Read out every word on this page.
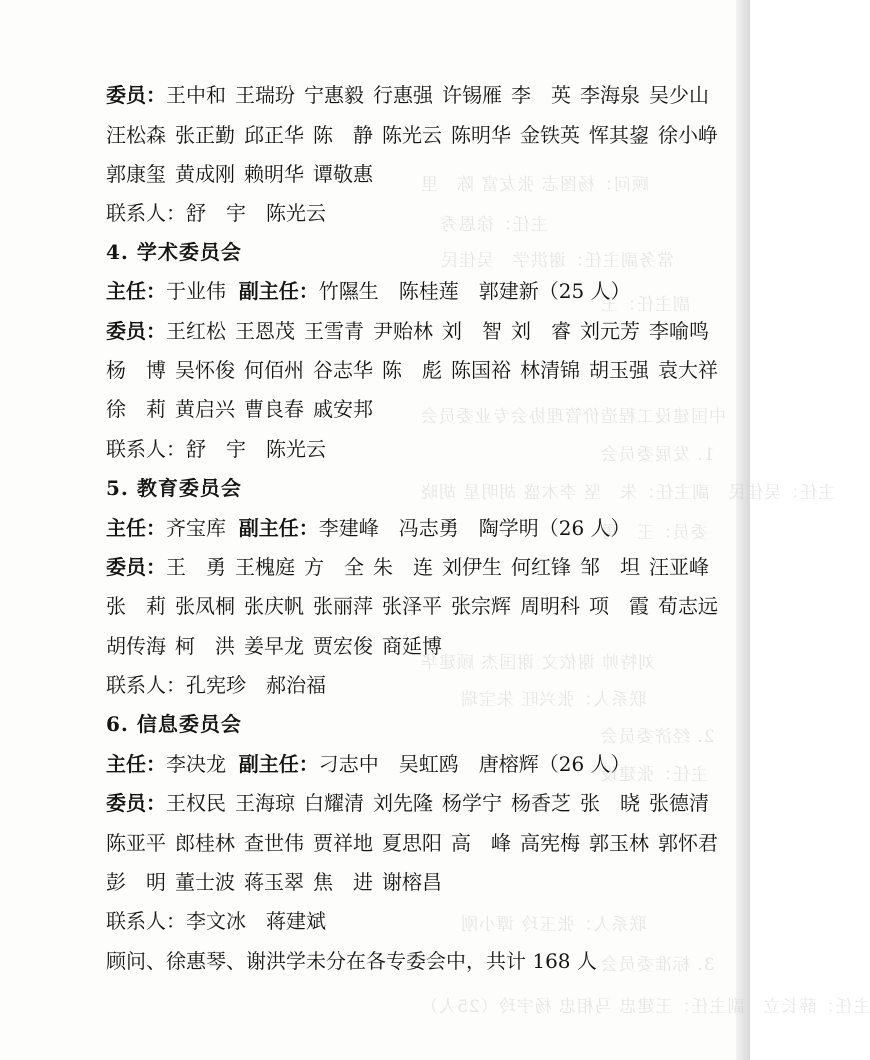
顾问：杨图志 张友富 陈　里
主任：徐恩秀
常务副主任：谢洪学　吴佳民
副主任：王
中国建设工程造价管理协会专业委员会
1. 发展委员会
主任：吴佳民　副主任：朱　坚 李木盛 胡明星 胡晓
委员：王　勇
刘特帅 谢依文 谢国杰 顾建华
联系人：张兴旺 朱宝瑞
2. 经济委员会
主任：张建设
联系人：张玉玲 谭小刚
3. 标准委员会
主任：薛长立　副主任：王建忠 马相忠 杨宇玲（25人）
委员：王中和 王瑞玢 宁惠毅 行惠强 许锡雁 李　英 李海泉 吴少山
汪松森 张正勤 邱正华 陈　静 陈光云 陈明华 金铁英 恽其鋆 徐小峥
郭康玺 黄成刚 赖明华 谭敬惠
联系人：舒　宇　陈光云
4. 学术委员会
主任：于业伟 副主任：竹隰生　陈桂莲　郭建新（25 人）
委员：王红松 王恩茂 王雪青 尹贻林 刘　智 刘　睿 刘元芳 李喻鸣
杨　博 吴怀俊 何佰州 谷志华 陈　彪 陈国裕 林清锦 胡玉强 袁大祥
徐　莉 黄启兴 曹良春 戚安邦
联系人：舒　宇　陈光云
5. 教育委员会
主任：齐宝库 副主任：李建峰　冯志勇　陶学明（26 人）
委员：王　勇 王槐庭 方　全 朱　连 刘伊生 何红锋 邹　坦 汪亚峰
张　莉 张凤桐 张庆帆 张丽萍 张泽平 张宗辉 周明科 项　霞 荀志远
胡传海 柯　洪 姜早龙 贾宏俊 商延博
联系人：孔宪珍　郝治福
6. 信息委员会
主任：李决龙 副主任：刁志中　吴虹鸥　唐榕辉（26 人）
委员：王权民 王海琼 白耀清 刘先隆 杨学宁 杨香芝 张　晓 张德清
陈亚平 郎桂林 查世伟 贾祥地 夏思阳 高　峰 高宪梅 郭玉林 郭怀君
彭　明 董士波 蒋玉翠 焦　进 谢榕昌
联系人：李文冰　蒋建斌
顾问、徐惠琴、谢洪学未分在各专委会中，共计 168 人
